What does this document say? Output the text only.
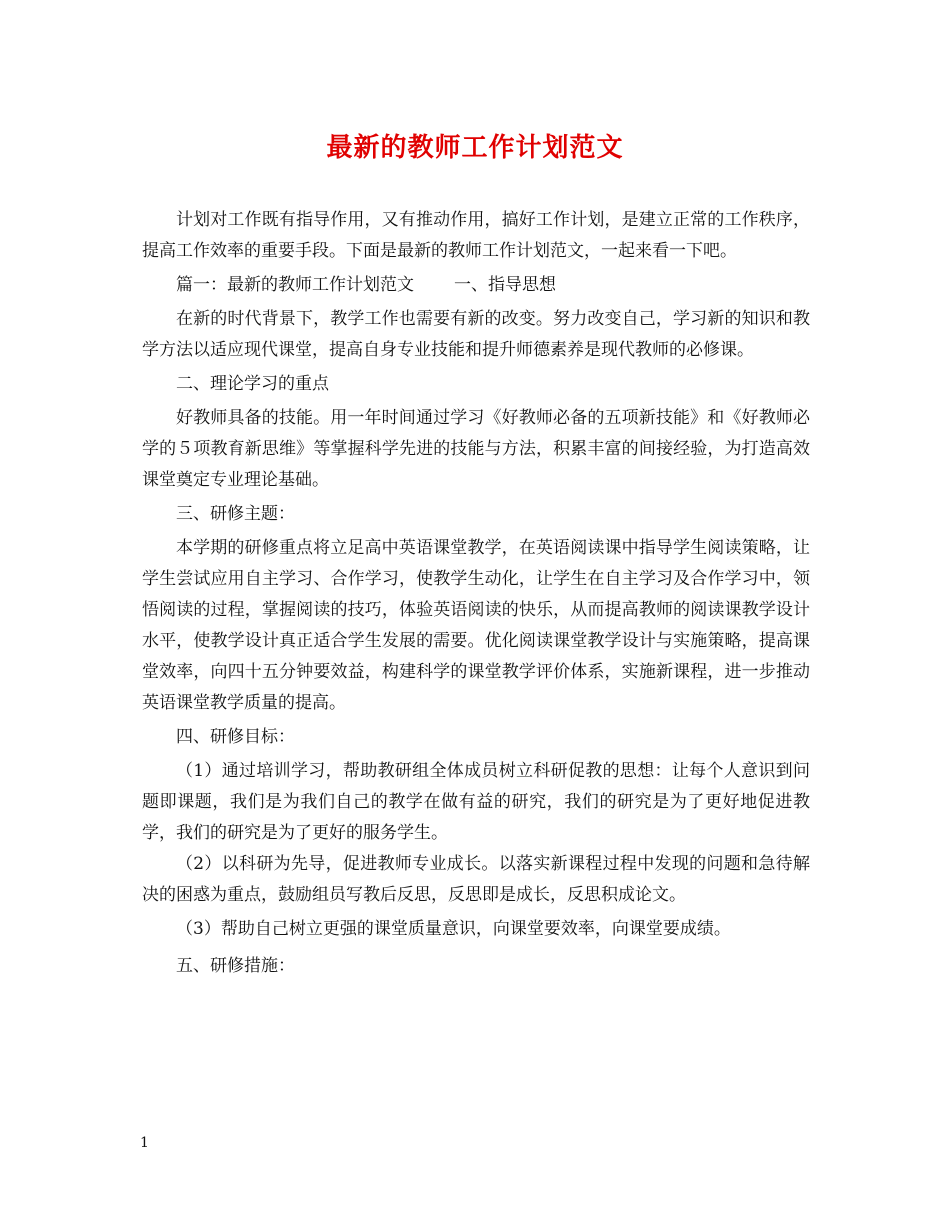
最新的教师工作计划范文

计划对工作既有指导作用，又有推动作用，搞好工作计划，是建立正常的工作秩序，提高工作效率的重要手段。下面是最新的教师工作计划范文，一起来看一下吧。

篇一：最新的教师工作计划范文 一、指导思想

在新的时代背景下，教学工作也需要有新的改变。努力改变自己，学习新的知识和教学方法以适应现代课堂，提高自身专业技能和提升师德素养是现代教师的必修课。

二、理论学习的重点

好教师具备的技能。用一年时间通过学习《好教师必备的五项新技能》和《好教师必学的５项教育新思维》等掌握科学先进的技能与方法，积累丰富的间接经验，为打造高效课堂奠定专业理论基础。

三、研修主题：

本学期的研修重点将立足高中英语课堂教学，在英语阅读课中指导学生阅读策略，让学生尝试应用自主学习、合作学习，使教学生动化，让学生在自主学习及合作学习中，领悟阅读的过程，掌握阅读的技巧，体验英语阅读的快乐，从而提高教师的阅读课教学设计水平，使教学设计真正适合学生发展的需要。优化阅读课堂教学设计与实施策略，提高课堂效率，向四十五分钟要效益，构建科学的课堂教学评价体系，实施新课程，进一步推动英语课堂教学质量的提高。

四、研修目标：

（1）通过培训学习，帮助教研组全体成员树立科研促教的思想：让每个人意识到问题即课题，我们是为我们自己的教学在做有益的研究，我们的研究是为了更好地促进教学，我们的研究是为了更好的服务学生。

（2）以科研为先导，促进教师专业成长。以落实新课程过程中发现的问题和急待解决的困惑为重点，鼓励组员写教后反思，反思即是成长，反思积成论文。

（3）帮助自己树立更强的课堂质量意识，向课堂要效率，向课堂要成绩。

五、研修措施：

1
